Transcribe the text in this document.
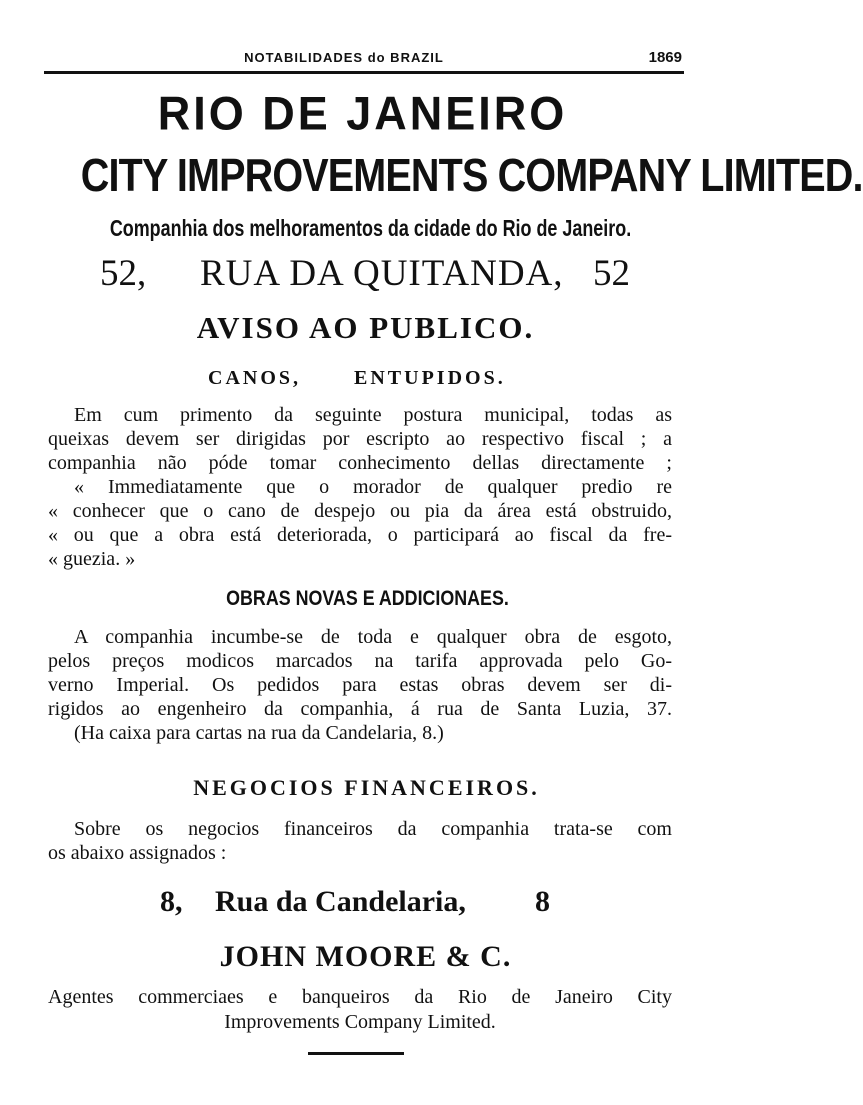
NOTABILIDADES do BRAZIL	1869
RIO DE JANEIRO
CITY IMPROVEMENTS COMPANY LIMITED.
Companhia dos melhoramentos da cidade do Rio de Janeiro.
52, RUA DA QUITANDA, 52
AVISO AO PUBLICO.
CANOS,	ENTUPIDOS.
Em cum primento da seguinte postura municipal, todas as
queixas devem ser dirigidas por escripto ao respectivo fiscal ; a
companhia não póde tomar conhecimento dellas directamente ;
« Immediatamente que o morador de qualquer predio re
« conhecer que o cano de despejo ou pia da área está obstruido,
« ou que a obra está deteriorada, o participará ao fiscal da fre-
« guezia. »
OBRAS NOVAS E ADDICIONAES.
A companhia incumbe-se de toda e qualquer obra de esgoto,
pelos preços modicos marcados na tarifa approvada pelo Go-
verno Imperial. Os pedidos para estas obras devem ser di-
rigidos ao engenheiro da companhia, á rua de Santa Luzia, 37.
(Ha caixa para cartas na rua da Candelaria, 8.)
NEGOCIOS FINANCEIROS.
Sobre os negocios financeiros da companhia trata-se com
os abaixo assignados :
8, Rua da Candelaria, 8
JOHN MOORE & C.
Agentes commerciaes e banqueiros da Rio de Janeiro City
Improvements Company Limited.
